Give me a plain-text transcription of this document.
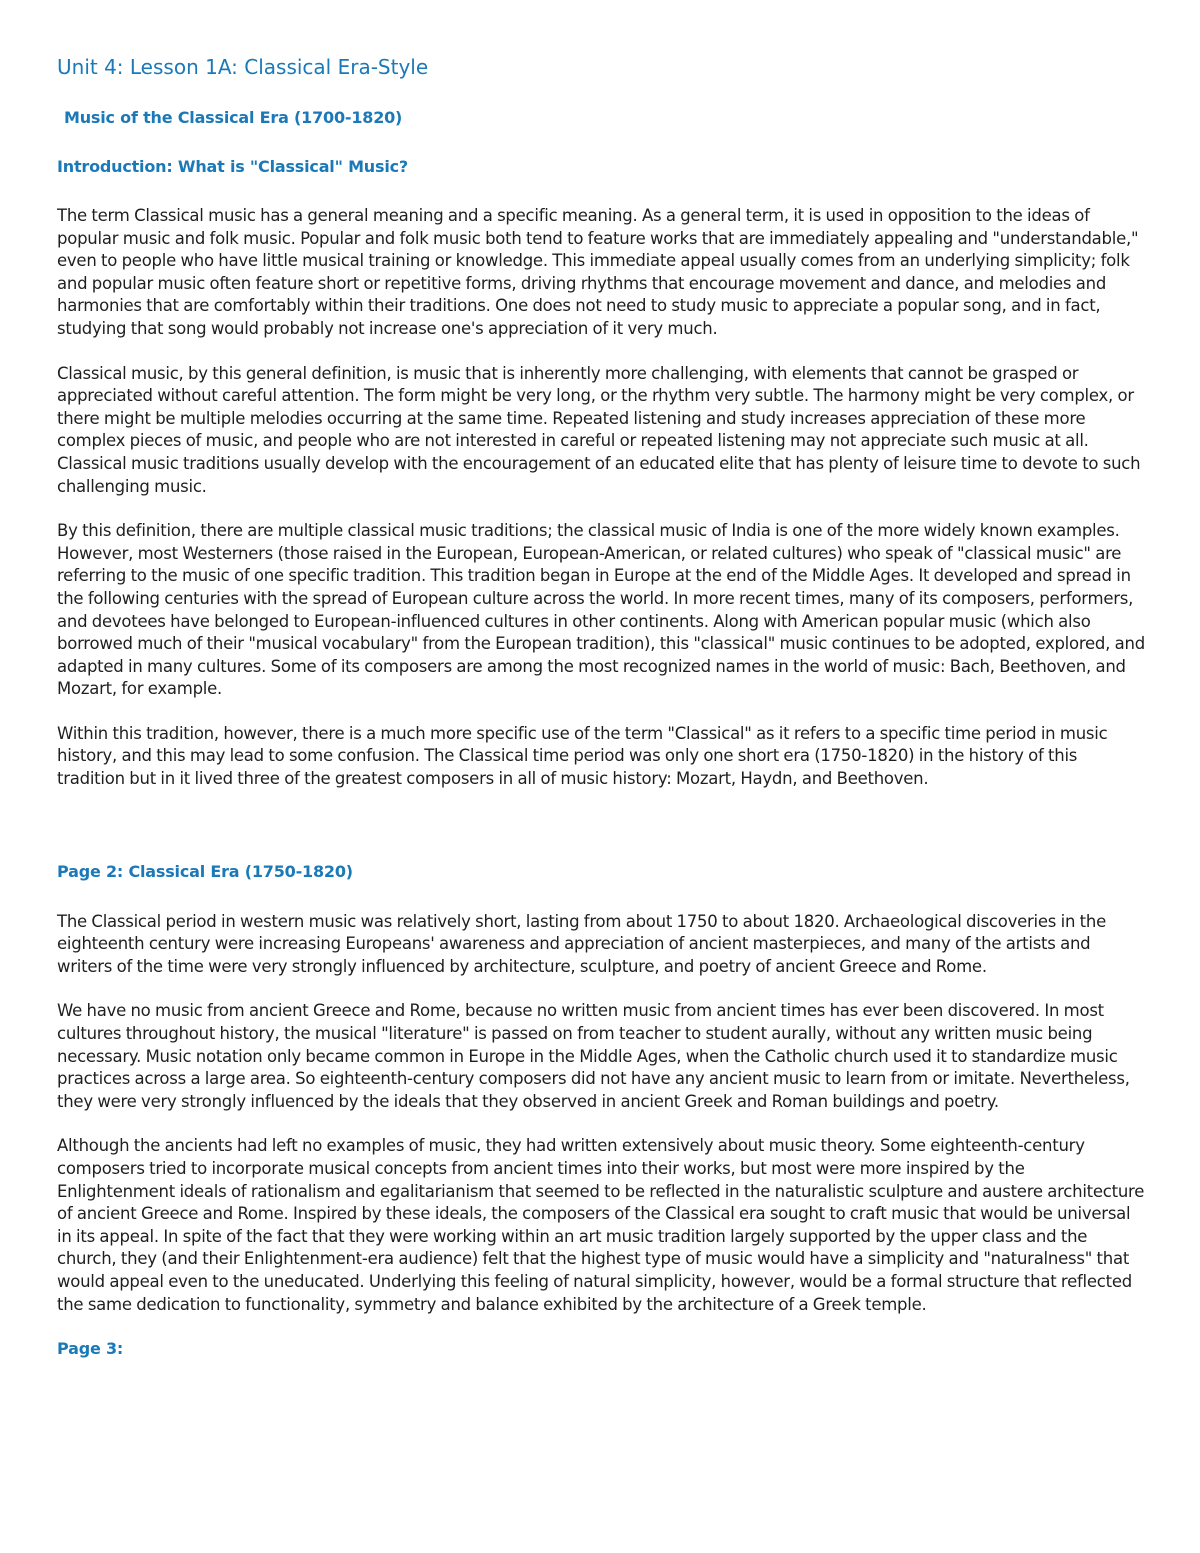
Unit 4: Lesson 1A: Classical Era-Style
Music of the Classical Era (1700-1820)
Introduction: What is "Classical" Music?

The term Classical music has a general meaning and a specific meaning. As a general term, it is used in opposition to the ideas of popular music and folk music. Popular and folk music both tend to feature works that are immediately appealing and "understandable," even to people who have little musical training or knowledge. This immediate appeal usually comes from an underlying simplicity; folk and popular music often feature short or repetitive forms, driving rhythms that encourage movement and dance, and melodies and harmonies that are comfortably within their traditions. One does not need to study music to appreciate a popular song, and in fact, studying that song would probably not increase one's appreciation of it very much.

Classical music, by this general definition, is music that is inherently more challenging, with elements that cannot be grasped or appreciated without careful attention. The form might be very long, or the rhythm very subtle. The harmony might be very complex, or there might be multiple melodies occurring at the same time. Repeated listening and study increases appreciation of these more complex pieces of music, and people who are not interested in careful or repeated listening may not appreciate such music at all. Classical music traditions usually develop with the encouragement of an educated elite that has plenty of leisure time to devote to such challenging music.

By this definition, there are multiple classical music traditions; the classical music of India is one of the more widely known examples. However, most Westerners (those raised in the European, European-American, or related cultures) who speak of "classical music" are referring to the music of one specific tradition. This tradition began in Europe at the end of the Middle Ages. It developed and spread in the following centuries with the spread of European culture across the world. In more recent times, many of its composers, performers, and devotees have belonged to European-influenced cultures in other continents. Along with American popular music (which also borrowed much of their "musical vocabulary" from the European tradition), this "classical" music continues to be adopted, explored, and adapted in many cultures. Some of its composers are among the most recognized names in the world of music: Bach, Beethoven, and Mozart, for example.

Within this tradition, however, there is a much more specific use of the term "Classical" as it refers to a specific time period in music history, and this may lead to some confusion. The Classical time period was only one short era (1750-1820) in the history of this tradition but in it lived three of the greatest composers in all of music history: Mozart, Haydn, and Beethoven.

Page 2: Classical Era (1750-1820)

The Classical period in western music was relatively short, lasting from about 1750 to about 1820. Archaeological discoveries in the eighteenth century were increasing Europeans' awareness and appreciation of ancient masterpieces, and many of the artists and writers of the time were very strongly influenced by architecture, sculpture, and poetry of ancient Greece and Rome.

We have no music from ancient Greece and Rome, because no written music from ancient times has ever been discovered. In most cultures throughout history, the musical "literature" is passed on from teacher to student aurally, without any written music being necessary. Music notation only became common in Europe in the Middle Ages, when the Catholic church used it to standardize music practices across a large area. So eighteenth-century composers did not have any ancient music to learn from or imitate. Nevertheless, they were very strongly influenced by the ideals that they observed in ancient Greek and Roman buildings and poetry.

Although the ancients had left no examples of music, they had written extensively about music theory. Some eighteenth-century composers tried to incorporate musical concepts from ancient times into their works, but most were more inspired by the Enlightenment ideals of rationalism and egalitarianism that seemed to be reflected in the naturalistic sculpture and austere architecture of ancient Greece and Rome. Inspired by these ideals, the composers of the Classical era sought to craft music that would be universal in its appeal. In spite of the fact that they were working within an art music tradition largely supported by the upper class and the church, they (and their Enlightenment-era audience) felt that the highest type of music would have a simplicity and "naturalness" that would appeal even to the uneducated. Underlying this feeling of natural simplicity, however, would be a formal structure that reflected the same dedication to functionality, symmetry and balance exhibited by the architecture of a Greek temple.

Page 3:
